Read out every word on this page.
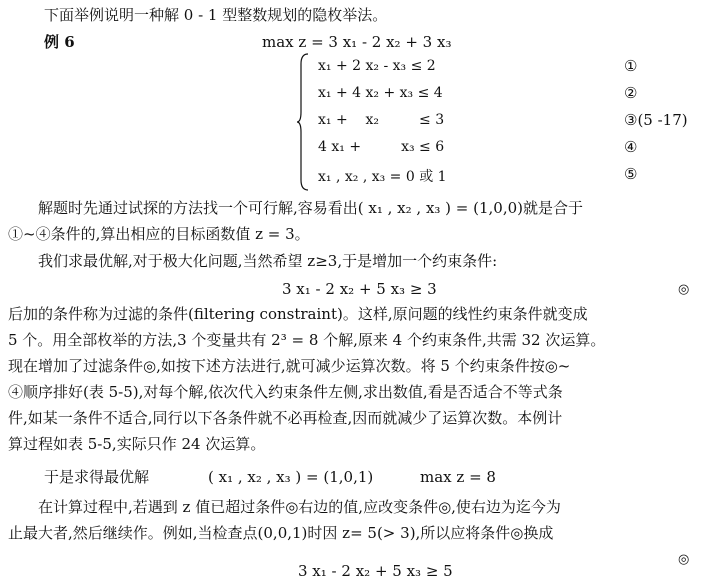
下面举例说明一种解 0 - 1 型整数规划的隐枚举法。
例 6	max z = 3 x₁ - 2 x₂ + 3 x₃
x₁ + 2 x₂ - x₃ ≤ 2	①
x₁ + 4 x₂ + x₃ ≤ 4	②
x₁ +    x₂         ≤ 3	③(5 -17)
4 x₁ +         x₃ ≤ 6	④
x₁ , x₂ , x₃ = 0 或 1	⑤
解题时先通过试探的方法找一个可行解,容易看出( x₁ , x₂ , x₃ ) = (1,0,0)就是合于
①~④条件的,算出相应的目标函数值 z = 3。
我们求最优解,对于极大化问题,当然希望 z≥3,于是增加一个约束条件:
3 x₁ - 2 x₂ + 5 x₃ ≥ 3	◎
后加的条件称为过滤的条件(filtering constraint)。这样,原问题的线性约束条件就变成
5 个。用全部枚举的方法,3 个变量共有 2³ = 8 个解,原来 4 个约束条件,共需 32 次运算。
现在增加了过滤条件◎,如按下述方法进行,就可减少运算次数。将 5 个约束条件按◎~
④顺序排好(表 5-5),对每个解,依次代入约束条件左侧,求出数值,看是否适合不等式条
件,如某一条件不适合,同行以下各条件就不必再检查,因而就减少了运算次数。本例计
算过程如表 5-5,实际只作 24 次运算。
于是求得最优解	( x₁ , x₂ , x₃ ) = (1,0,1)	max z = 8
在计算过程中,若遇到 z 值已超过条件◎右边的值,应改变条件◎,使右边为迄今为
止最大者,然后继续作。例如,当检查点(0,0,1)时因 z= 5(> 3),所以应将条件◎换成
◎
3 x₁ - 2 x₂ + 5 x₃ ≥ 5
